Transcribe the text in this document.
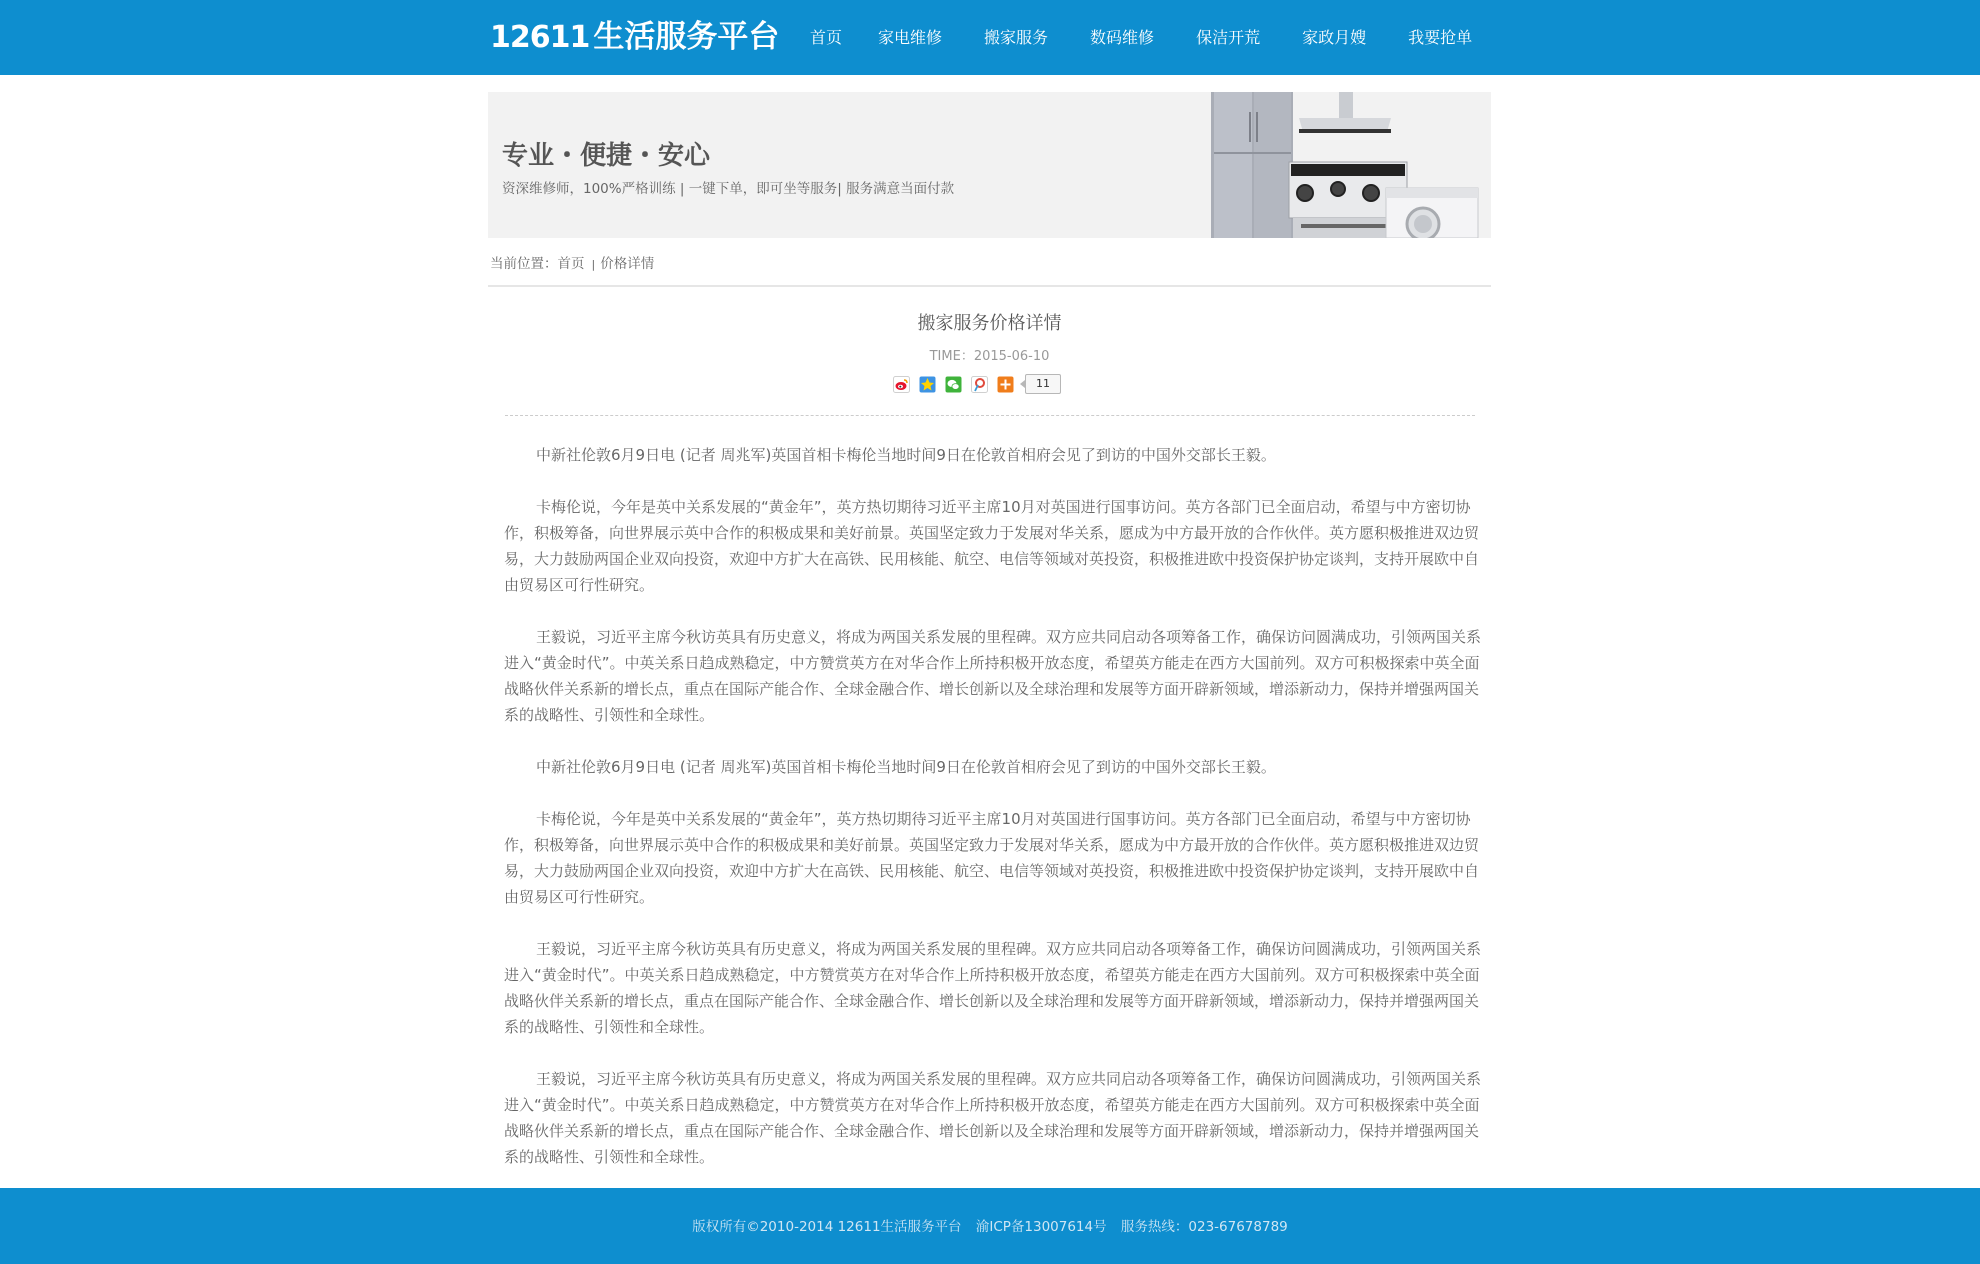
12611 生活服务平台 首页 家电维修	搬家服务	数码维修	保洁开荒	家政月嫂	我要抢单
专业・便捷・安心
资深维修师，100%严格训练 | 一键下单，即可坐等服务| 服务满意当面付款
当前位置：首页 | 价格详情
搬家服务价格详情
TIME：2015-06-10
11

中新社伦敦6月9日电 (记者 周兆军)英国首相卡梅伦当地时间9日在伦敦首相府会见了到访的中国外交部长王毅。

卡梅伦说，今年是英中关系发展的“黄金年”，英方热切期待习近平主席10月对英国进行国事访问。英方各部门已全面启动，希望与中方密切协作，积极筹备，向世界展示英中合作的积极成果和美好前景。英国坚定致力于发展对华关系，愿成为中方最开放的合作伙伴。英方愿积极推进双边贸易，大力鼓励两国企业双向投资，欢迎中方扩大在高铁、民用核能、航空、电信等领域对英投资，积极推进欧中投资保护协定谈判，支持开展欧中自由贸易区可行性研究。

王毅说，习近平主席今秋访英具有历史意义，将成为两国关系发展的里程碑。双方应共同启动各项筹备工作，确保访问圆满成功，引领两国关系进入“黄金时代”。中英关系日趋成熟稳定，中方赞赏英方在对华合作上所持积极开放态度，希望英方能走在西方大国前列。双方可积极探索中英全面战略伙伴关系新的增长点，重点在国际产能合作、全球金融合作、增长创新以及全球治理和发展等方面开辟新领域，增添新动力，保持并增强两国关系的战略性、引领性和全球性。

中新社伦敦6月9日电 (记者 周兆军)英国首相卡梅伦当地时间9日在伦敦首相府会见了到访的中国外交部长王毅。

卡梅伦说，今年是英中关系发展的“黄金年”，英方热切期待习近平主席10月对英国进行国事访问。英方各部门已全面启动，希望与中方密切协作，积极筹备，向世界展示英中合作的积极成果和美好前景。英国坚定致力于发展对华关系，愿成为中方最开放的合作伙伴。英方愿积极推进双边贸易，大力鼓励两国企业双向投资，欢迎中方扩大在高铁、民用核能、航空、电信等领域对英投资，积极推进欧中投资保护协定谈判，支持开展欧中自由贸易区可行性研究。

王毅说，习近平主席今秋访英具有历史意义，将成为两国关系发展的里程碑。双方应共同启动各项筹备工作，确保访问圆满成功，引领两国关系进入“黄金时代”。中英关系日趋成熟稳定，中方赞赏英方在对华合作上所持积极开放态度，希望英方能走在西方大国前列。双方可积极探索中英全面战略伙伴关系新的增长点，重点在国际产能合作、全球金融合作、增长创新以及全球治理和发展等方面开辟新领域，增添新动力，保持并增强两国关系的战略性、引领性和全球性。

王毅说，习近平主席今秋访英具有历史意义，将成为两国关系发展的里程碑。双方应共同启动各项筹备工作，确保访问圆满成功，引领两国关系进入“黄金时代”。中英关系日趋成熟稳定，中方赞赏英方在对华合作上所持积极开放态度，希望英方能走在西方大国前列。双方可积极探索中英全面战略伙伴关系新的增长点，重点在国际产能合作、全球金融合作、增长创新以及全球治理和发展等方面开辟新领域，增添新动力，保持并增强两国关系的战略性、引领性和全球性。

版权所有©2010-2014 12611生活服务平台 渝ICP备13007614号 服务热线：023-67678789
